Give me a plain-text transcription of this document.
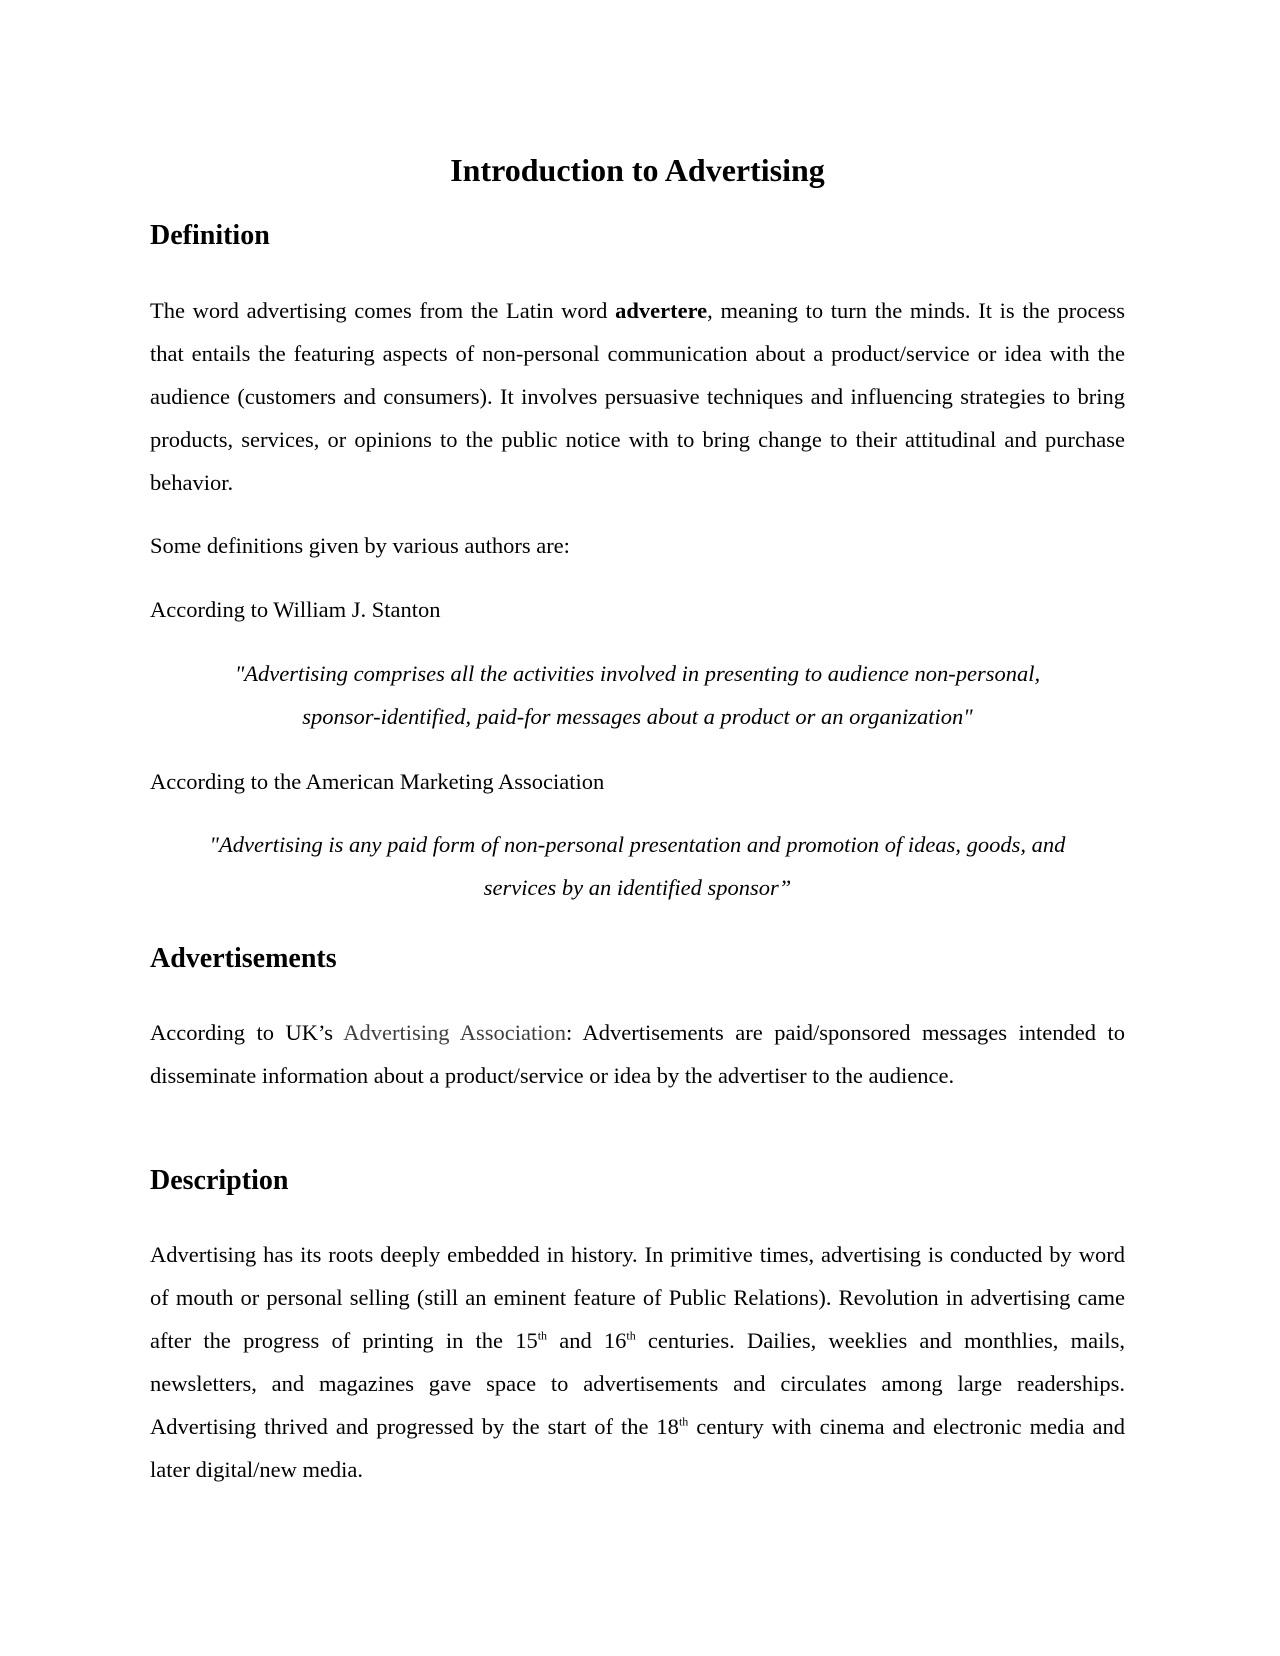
Introduction to Advertising
Definition

The word advertising comes from the Latin word advertere, meaning to turn the minds. It is the process that entails the featuring aspects of non-personal communication about a product/service or idea with the audience (customers and consumers). It involves persuasive techniques and influencing strategies to bring products, services, or opinions to the public notice with to bring change to their attitudinal and purchase behavior.

Some definitions given by various authors are:

According to William J. Stanton

"Advertising comprises all the activities involved in presenting to audience non-personal,

sponsor-identified, paid-for messages about a product or an organization"

According to the American Marketing Association

"Advertising is any paid form of non-personal presentation and promotion of ideas, goods, and

services by an identified sponsor”

Advertisements

According to UK’s Advertising Association: Advertisements are paid/sponsored messages intended to disseminate information about a product/service or idea by the advertiser to the audience.

Description

Advertising has its roots deeply embedded in history. In primitive times, advertising is conducted by word of mouth or personal selling (still an eminent feature of Public Relations). Revolution in advertising came after the progress of printing in the 15th and 16th centuries. Dailies, weeklies and monthlies, mails, newsletters, and magazines gave space to advertisements and circulates among large readerships. Advertising thrived and progressed by the start of the 18th century with cinema and electronic media and later digital/new media.
